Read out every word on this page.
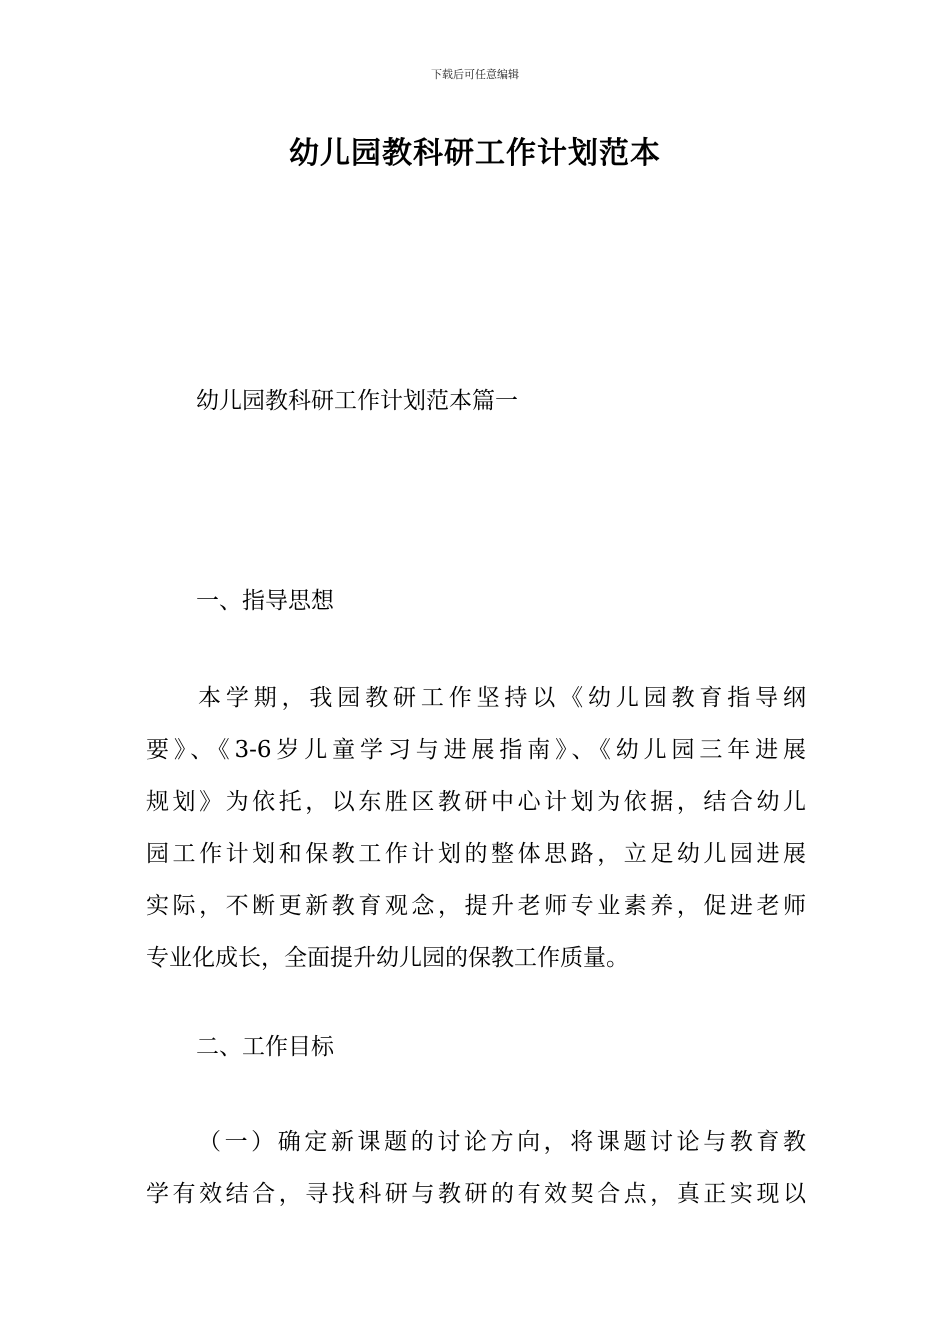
下载后可任意编辑
幼儿园教科研工作计划范本
幼儿园教科研工作计划范本篇一
一、指导思想

本学期，我园教研工作坚持以《幼儿园教育指导纲
要》、《3-6岁儿童学习与进展指南》、《幼儿园三年进展
规划》为依托，以东胜区教研中心计划为依据，结合幼儿
园工作计划和保教工作计划的整体思路，立足幼儿园进展
实际，不断更新教育观念，提升老师专业素养，促进老师
专业化成长，全面提升幼儿园的保教工作质量。

二、工作目标

（一）确定新课题的讨论方向，将课题讨论与教育教
学有效结合，寻找科研与教研的有效契合点，真正实现以
